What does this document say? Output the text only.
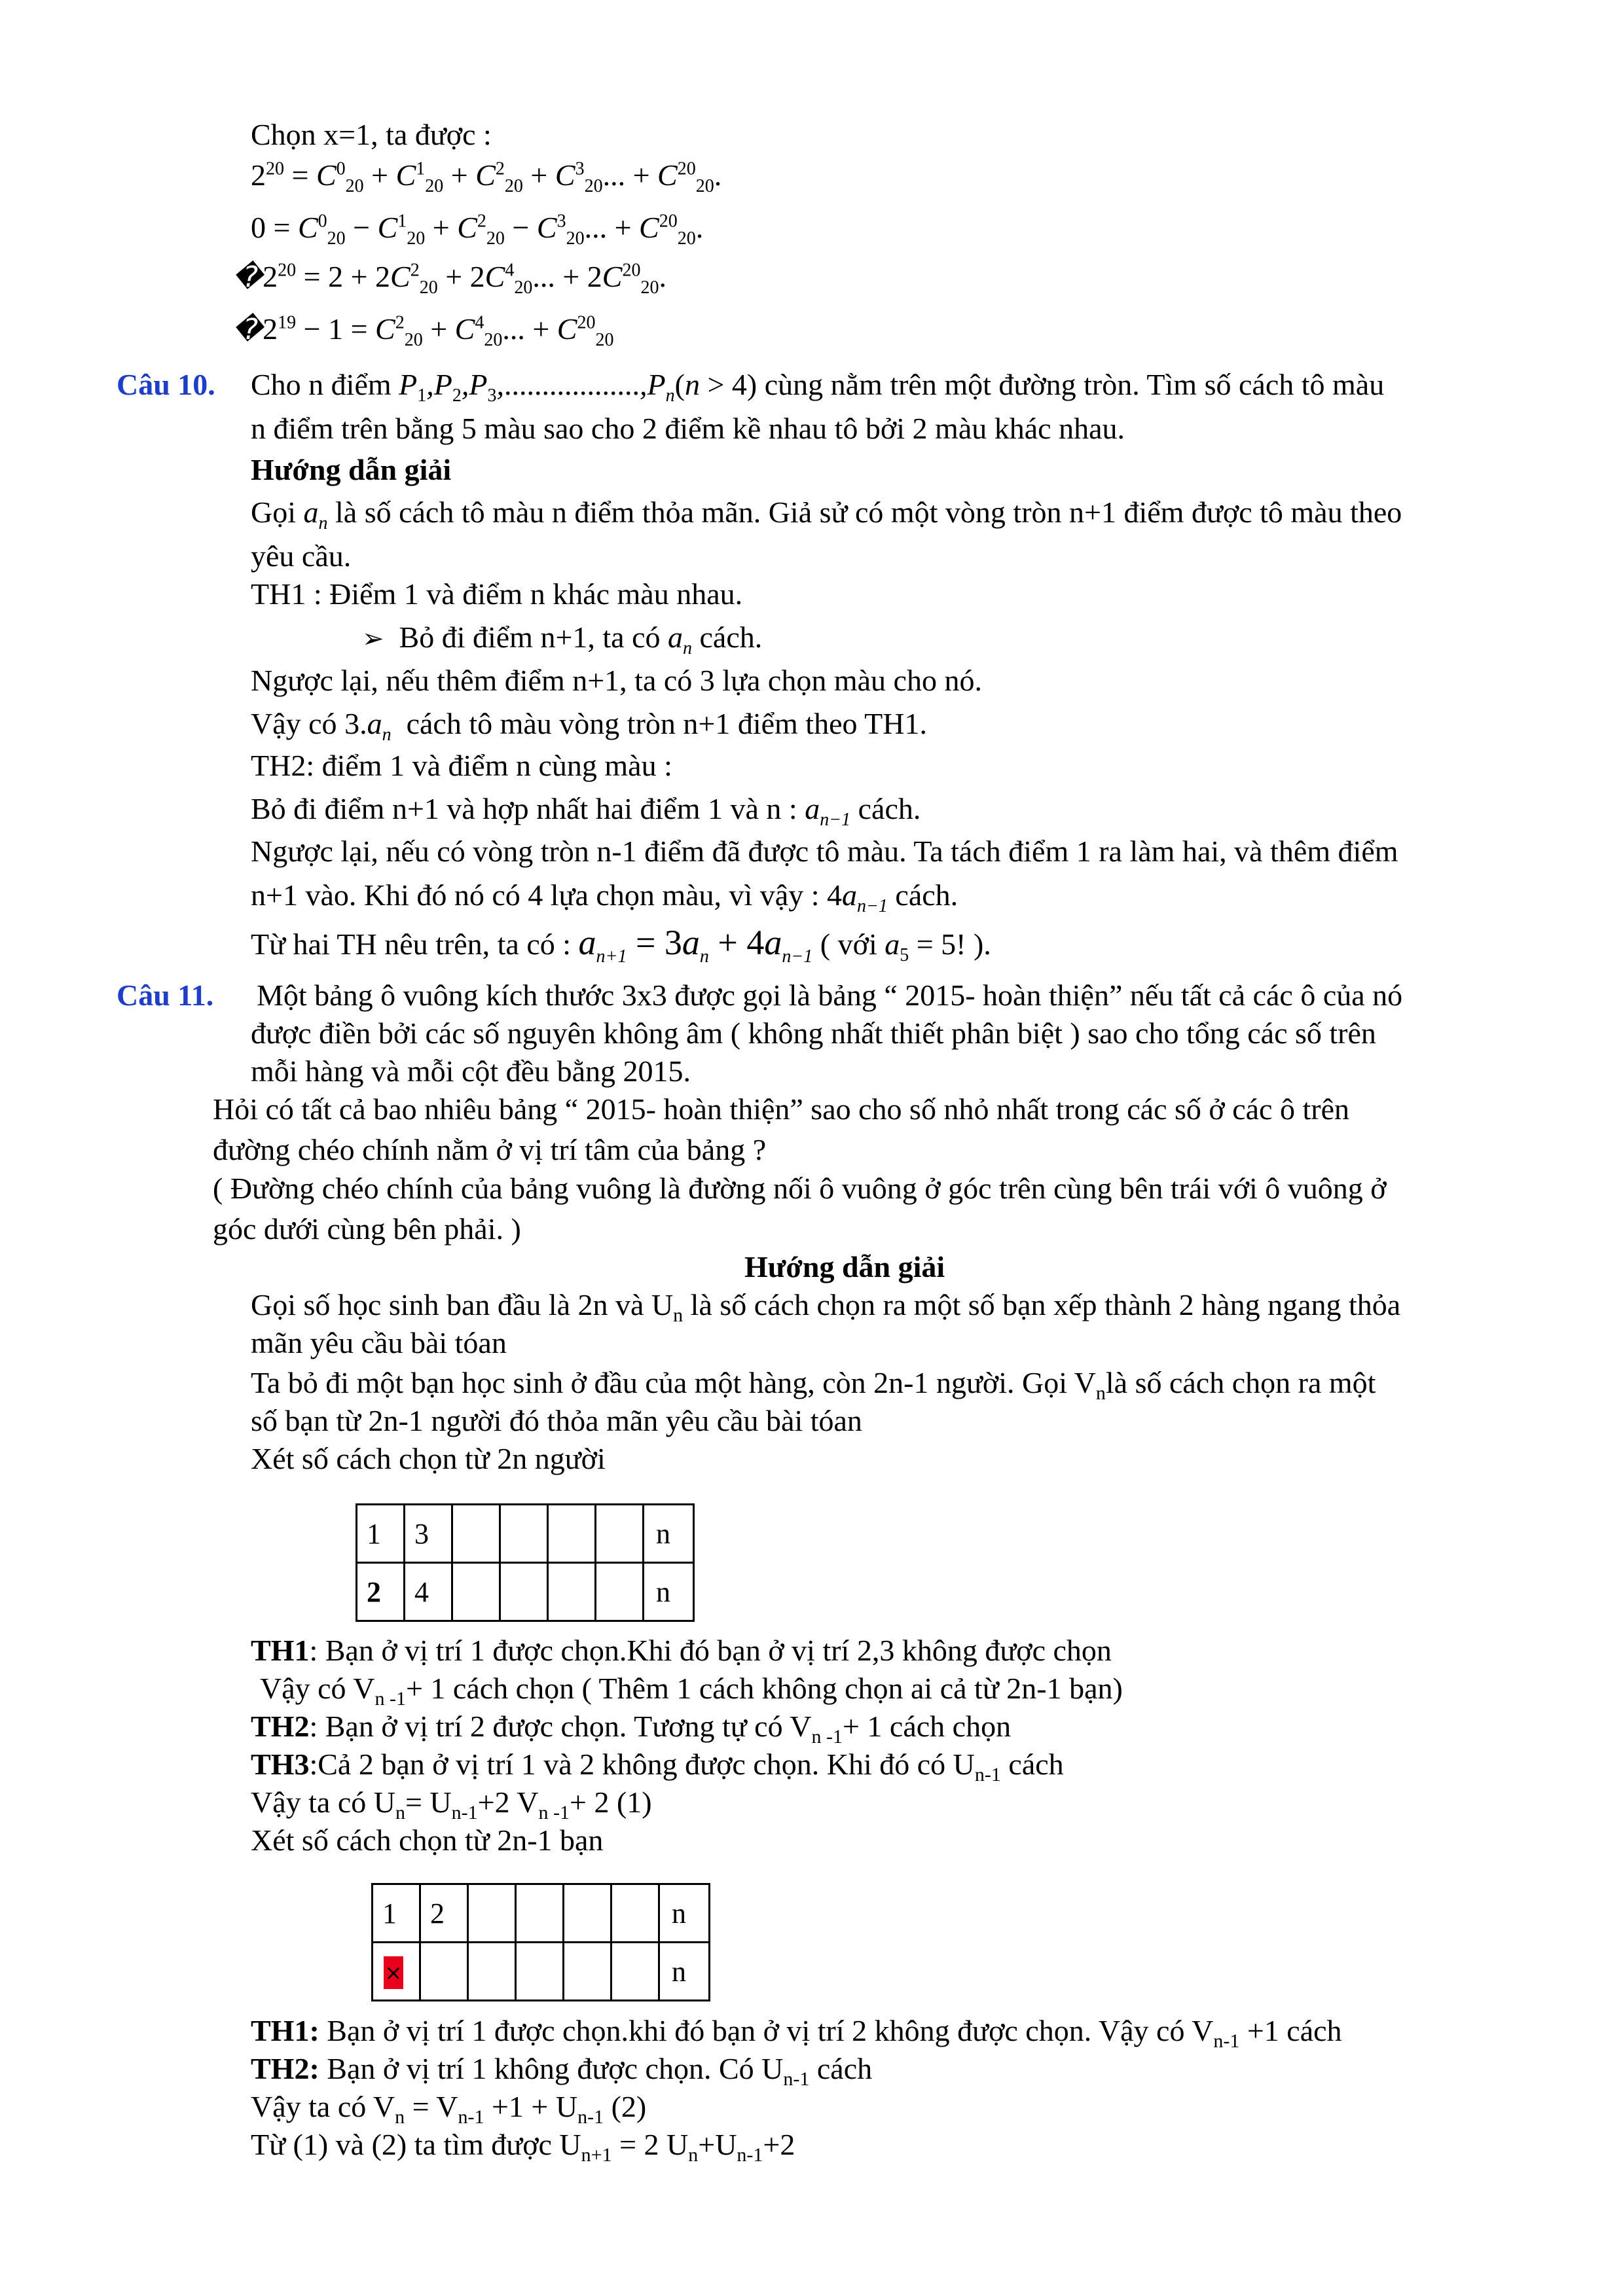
Chọn x=1, ta được :
$2^{20} = C^0_{20} + C^1_{20} + C^2_{20} + C^3_{20}$... + $C^{20}_{20}$.
$0 = C^0_{20} - C^1_{20} + C^2_{20} - C^3_{20}$... + $C^{20}_{20}$.
$�2^{20} = 2 + 2C^2_{20} + 2C^4_{20}$... + $2C^{20}_{20}$.
$�2^{19} - 1 = C^2_{20} + C^4_{20}$... + $C^{20}_{20}$
Câu 10. Cho n điểm $P_1,P_2,P_3,..................,P_n(n > 4)$ cùng nằm trên một đường tròn. Tìm số cách tô màu
n điểm trên bằng 5 màu sao cho 2 điểm kề nhau tô bởi 2 màu khác nhau.
Hướng dẫn giải
Gọi $a_n$ là số cách tô màu n điểm thỏa mãn. Giả sử có một vòng tròn n+1 điểm được tô màu theo
yêu cầu.
TH1 : Điểm 1 và điểm n khác màu nhau.
➢ Bỏ đi điểm n+1, ta có $a_n$ cách.
Ngược lại, nếu thêm điểm n+1, ta có 3 lựa chọn màu cho nó.
Vậy có $3.a_n$ cách tô màu vòng tròn n+1 điểm theo TH1.
TH2: điểm 1 và điểm n cùng màu :
Bỏ đi điểm n+1 và hợp nhất hai điểm 1 và n : $a_{n-1}$ cách.
Ngược lại, nếu có vòng tròn n-1 điểm đã được tô màu. Ta tách điểm 1 ra làm hai, và thêm điểm
n+1 vào. Khi đó nó có 4 lựa chọn màu, vì vậy : $4a_{n-1}$ cách.
Từ hai TH nêu trên, ta có : $a_{n+1} = 3a_n + 4a_{n-1}$ ( với $a_5 = 5$! ).
Câu 11. Một bảng ô vuông kích thước 3x3 được gọi là bảng “ 2015- hoàn thiện” nếu tất cả các ô của nó
được điền bởi các số nguyên không âm ( không nhất thiết phân biệt ) sao cho tổng các số trên
mỗi hàng và mỗi cột đều bằng 2015.
Hỏi có tất cả bao nhiêu bảng “ 2015- hoàn thiện” sao cho số nhỏ nhất trong các số ở các ô trên
đường chéo chính nằm ở vị trí tâm của bảng ?
( Đường chéo chính của bảng vuông là đường nối ô vuông ở góc trên cùng bên trái với ô vuông ở
góc dưới cùng bên phải. )
Hướng dẫn giải
Gọi số học sinh ban đầu là 2n và $U_n$ là số cách chọn ra một số bạn xếp thành 2 hàng ngang thỏa
mãn yêu cầu bài tóan
Ta bỏ đi một bạn học sinh ở đầu của một hàng, còn 2n-1 người. Gọi $V_nlà$ số cách chọn ra một
số bạn từ 2n-1 người đó thỏa mãn yêu cầu bài tóan
Xét số cách chọn từ 2n người
1	3					n
2	4					n
TH1: Bạn ở vị trí 1 được chọn.Khi đó bạn ở vị trí 2,3 không được chọn
Vậy có $V_{n -1}+ 1$ cách chọn ( Thêm 1 cách không chọn ai cả từ 2n-1 bạn)
TH2: Bạn ở vị trí 2 được chọn. Tương tự có $V_{n -1}+ 1$ cách chọn
TH3:Cả 2 bạn ở vị trí 1 và 2 không được chọn. Khi đó có $U_{n-1}$ cách
Vậy ta có $U_n= U_{n-1}+2$ $V_{n -1}+ 2$ (1)
Xét số cách chọn từ 2n-1 bạn
1	2					n
×						n
TH1: Bạn ở vị trí 1 được chọn.khi đó bạn ở vị trí 2 không được chọn. Vậy có $V_{n-1} +1$ cách
TH2: Bạn ở vị trí 1 không được chọn. Có $U_{n-1}$ cách
Vậy ta có $V_n = V_{n-1} +1 + U_{n-1}$ (2)
Từ (1) và (2) ta tìm được $U_{n+1} = 2$ $U_n+U_{n-1}+2$
